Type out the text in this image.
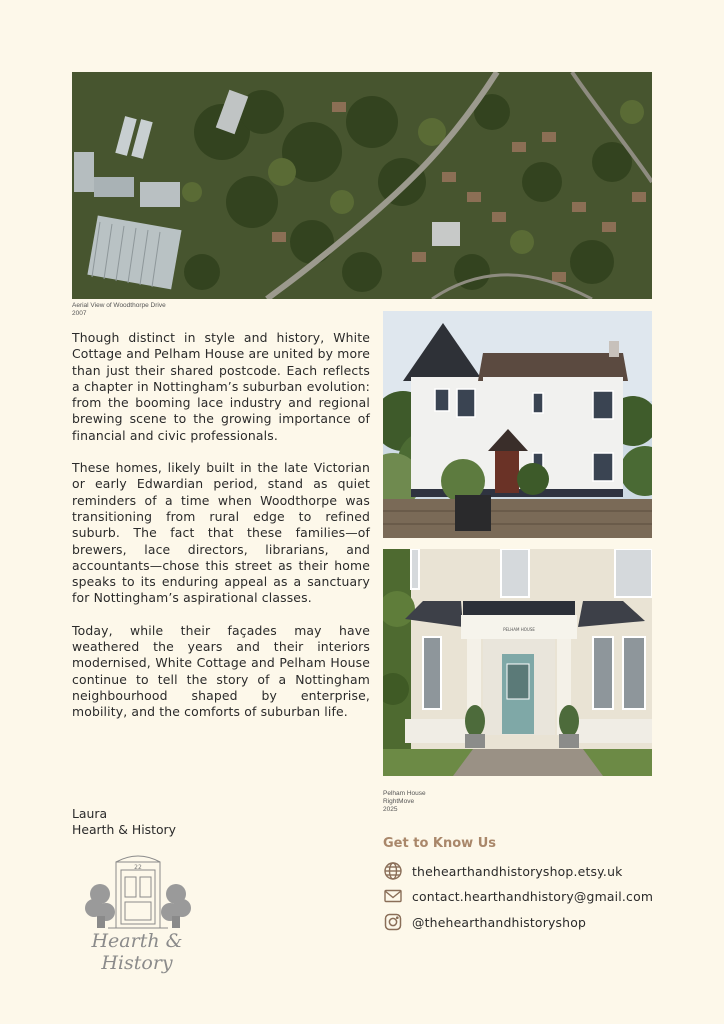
Aerial View of Woodthorpe Drive
2007

Though distinct in style and history, White Cottage and Pelham House are united by more than just their shared postcode. Each reflects a chapter in Nottingham’s suburban evolution: from the booming lace industry and regional brewing scene to the growing importance of financial and civic professionals.

These homes, likely built in the late Victorian or early Edwardian period, stand as quiet reminders of a time when Woodthorpe was transitioning from rural edge to refined suburb. The fact that these families—of brewers, lace directors, librarians, and accountants—chose this street as their home speaks to its enduring appeal as a sanctuary for Nottingham’s aspirational classes.

Today, while their façades may have weathered the years and their interiors modernised, White Cottage and Pelham House continue to tell the story of a Nottingham neighbourhood shaped by enterprise, mobility, and the comforts of suburban life.

PELHAM HOUSE
Pelham House
RightMove
2025
Laura
Hearth & History
22
Hearth & History
Get to Know Us
thehearthandhistoryshop.etsy.uk
contact.hearthandhistory@gmail.com
@thehearthandhistoryshop
